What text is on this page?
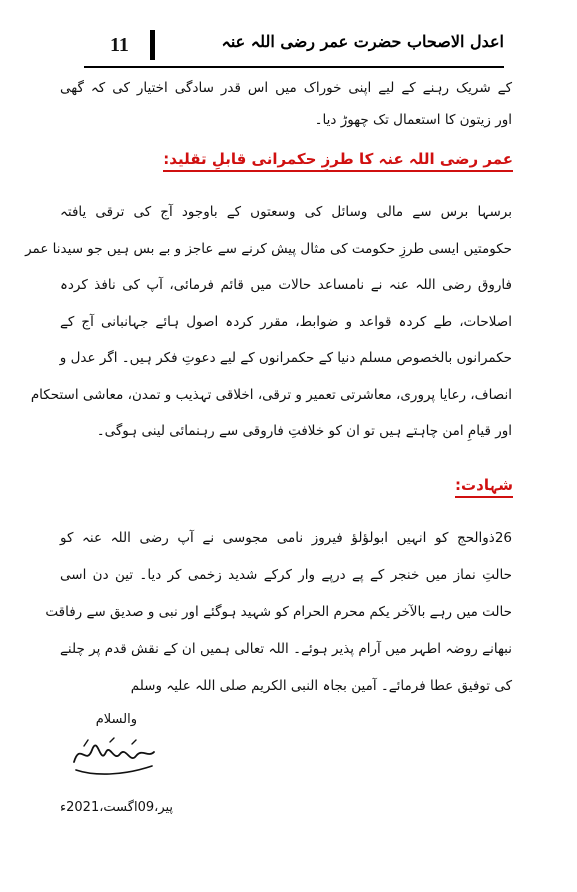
اعدل الاصحاب حضرت عمر رضی اللہ عنہ
11
کے شریک رہنے کے لیے اپنی خوراک میں اس قدر سادگی اختیار کی کہ گھی
اور زیتون کا استعمال تک چھوڑ دیا۔
عمر رضی اللہ عنہ کا طرزِ حکمرانی قابلِ تقلید:
برسہا برس سے مالی وسائل کی وسعتوں کے باوجود آج کی ترقی یافتہ
حکومتیں ایسی طرزِ حکومت کی مثال پیش کرنے سے عاجز و بے بس ہیں جو سیدنا عمر
فاروق رضی اللہ عنہ نے نامساعد حالات میں قائم فرمائی، آپ کی نافذ کردہ
اصلاحات، طے کردہ قواعد و ضوابط، مقرر کردہ اصول ہائے جہانبانی آج کے
حکمرانوں بالخصوص مسلم دنیا کے حکمرانوں کے لیے دعوتِ فکر ہیں۔ اگر عدل و
انصاف، رعایا پروری، معاشرتی تعمیر و ترقی، اخلاقی تہذیب و تمدن، معاشی استحکام
اور قیامِ امن چاہتے ہیں تو ان کو خلافتِ فاروقی سے رہنمائی لینی ہوگی۔
شہادت:
26ذوالحج کو انہیں ابولؤلؤ فیروز نامی مجوسی نے آپ رضی اللہ عنہ کو
حالتِ نماز میں خنجر کے پے درپے وار کرکے شدید زخمی کر دیا۔ تین دن اسی
حالت میں رہے بالآخر یکم محرم الحرام کو شہید ہوگئے اور نبی و صدیق سے رفاقت
نبھانے روضہ اطہر میں آرام پذیر ہوئے۔ اللہ تعالی ہمیں ان کے نقش قدم پر چلنے
کی توفیق عطا فرمائے۔ آمین بجاہ النبی الکریم صلی اللہ علیہ وسلم
والسلام
پیر،09اگست،2021ء
